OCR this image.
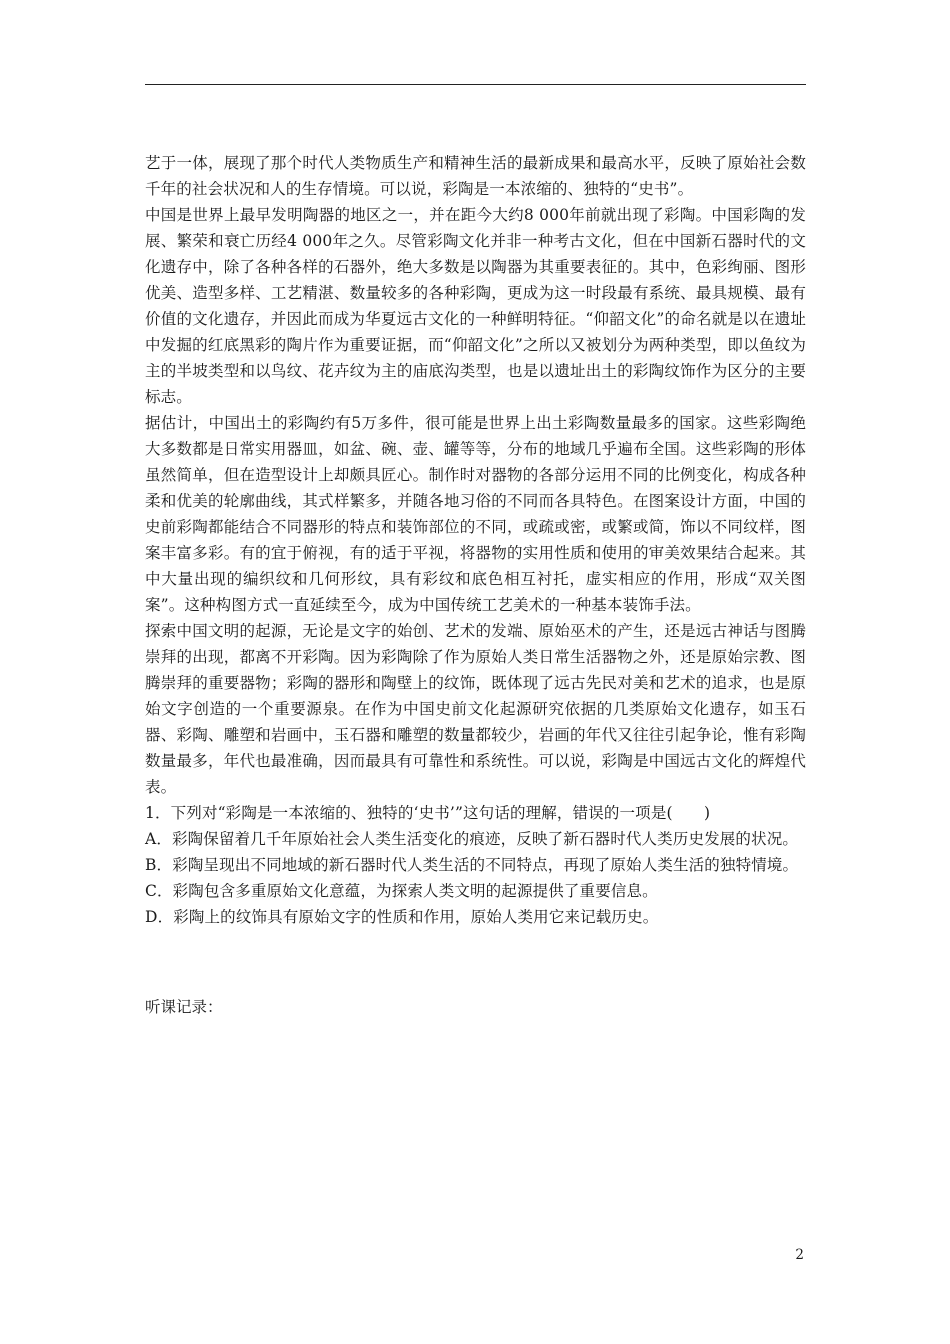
艺于一体，展现了那个时代人类物质生产和精神生活的最新成果和最高水平，反映了原始社会数千年的社会状况和人的生存情境。可以说，彩陶是一本浓缩的、独特的“史书”。

中国是世界上最早发明陶器的地区之一，并在距今大约8 000年前就出现了彩陶。中国彩陶的发展、繁荣和衰亡历经4 000年之久。尽管彩陶文化并非一种考古文化，但在中国新石器时代的文化遗存中，除了各种各样的石器外，绝大多数是以陶器为其重要表征的。其中，色彩绚丽、图形优美、造型多样、工艺精湛、数量较多的各种彩陶，更成为这一时段最有系统、最具规模、最有价值的文化遗存，并因此而成为华夏远古文化的一种鲜明特征。“仰韶文化”的命名就是以在遗址中发掘的红底黑彩的陶片作为重要证据，而“仰韶文化”之所以又被划分为两种类型，即以鱼纹为主的半坡类型和以鸟纹、花卉纹为主的庙底沟类型，也是以遗址出土的彩陶纹饰作为区分的主要标志。

据估计，中国出土的彩陶约有5万多件，很可能是世界上出土彩陶数量最多的国家。这些彩陶绝大多数都是日常实用器皿，如盆、碗、壶、罐等等，分布的地域几乎遍布全国。这些彩陶的形体虽然简单，但在造型设计上却颇具匠心。制作时对器物的各部分运用不同的比例变化，构成各种柔和优美的轮廓曲线，其式样繁多，并随各地习俗的不同而各具特色。在图案设计方面，中国的史前彩陶都能结合不同器形的特点和装饰部位的不同，或疏或密，或繁或简，饰以不同纹样，图案丰富多彩。有的宜于俯视，有的适于平视，将器物的实用性质和使用的审美效果结合起来。其中大量出现的编织纹和几何形纹，具有彩纹和底色相互衬托，虚实相应的作用，形成“双关图案”。这种构图方式一直延续至今，成为中国传统工艺美术的一种基本装饰手法。

探索中国文明的起源，无论是文字的始创、艺术的发端、原始巫术的产生，还是远古神话与图腾崇拜的出现，都离不开彩陶。因为彩陶除了作为原始人类日常生活器物之外，还是原始宗教、图腾崇拜的重要器物；彩陶的器形和陶壁上的纹饰，既体现了远古先民对美和艺术的追求，也是原始文字创造的一个重要源泉。在作为中国史前文化起源研究依据的几类原始文化遗存，如玉石器、彩陶、雕塑和岩画中，玉石器和雕塑的数量都较少，岩画的年代又往往引起争论，惟有彩陶数量最多，年代也最准确，因而最具有可靠性和系统性。可以说，彩陶是中国远古文化的辉煌代表。

1．下列对“彩陶是一本浓缩的、独特的‘史书’”这句话的理解，错误的一项是(　　)

A．彩陶保留着几千年原始社会人类生活变化的痕迹，反映了新石器时代人类历史发展的状况。

B．彩陶呈现出不同地域的新石器时代人类生活的不同特点，再现了原始人类生活的独特情境。

C．彩陶包含多重原始文化意蕴，为探索人类文明的起源提供了重要信息。

D．彩陶上的纹饰具有原始文字的性质和作用，原始人类用它来记载历史。

听课记录：
2
